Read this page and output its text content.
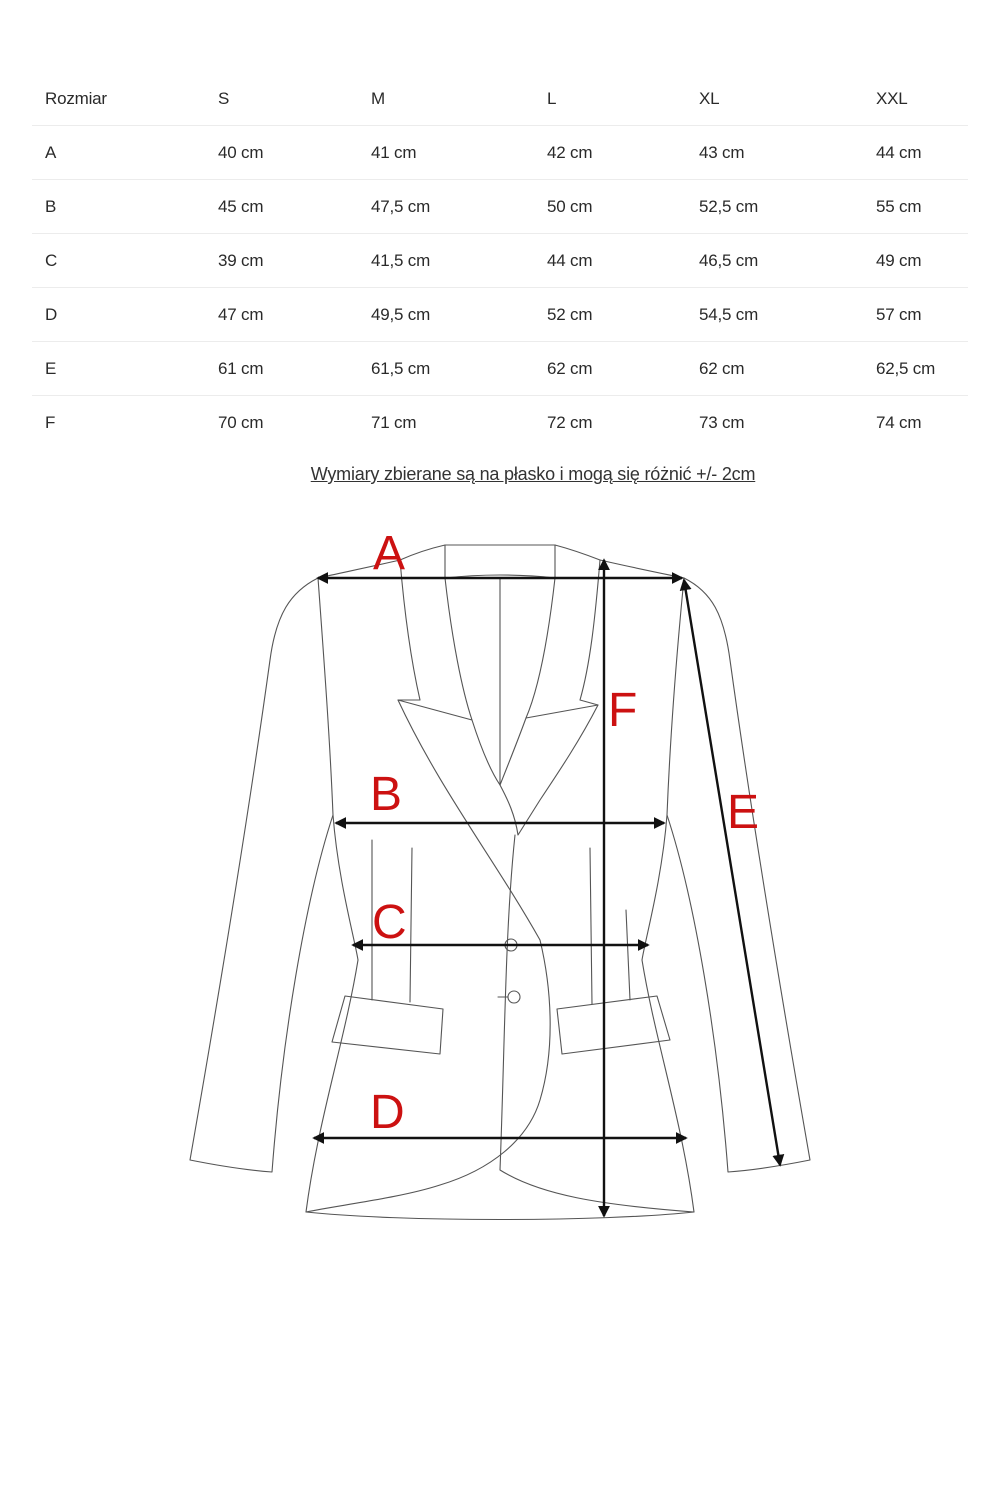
Rozmiar	S	M	L	XL	XXL
A	40 cm	41 cm	42 cm	43 cm	44 cm
B	45 cm	47,5 cm	50 cm	52,5 cm	55 cm
C	39 cm	41,5 cm	44 cm	46,5 cm	49 cm
D	47 cm	49,5 cm	52 cm	54,5 cm	57 cm
E	61 cm	61,5 cm	62 cm	62 cm	62,5 cm
F	70 cm	71 cm	72 cm	73 cm	74 cm
Wymiary zbierane są na płasko i mogą się różnić +/- 2cm
A
B
C
D
E
F
